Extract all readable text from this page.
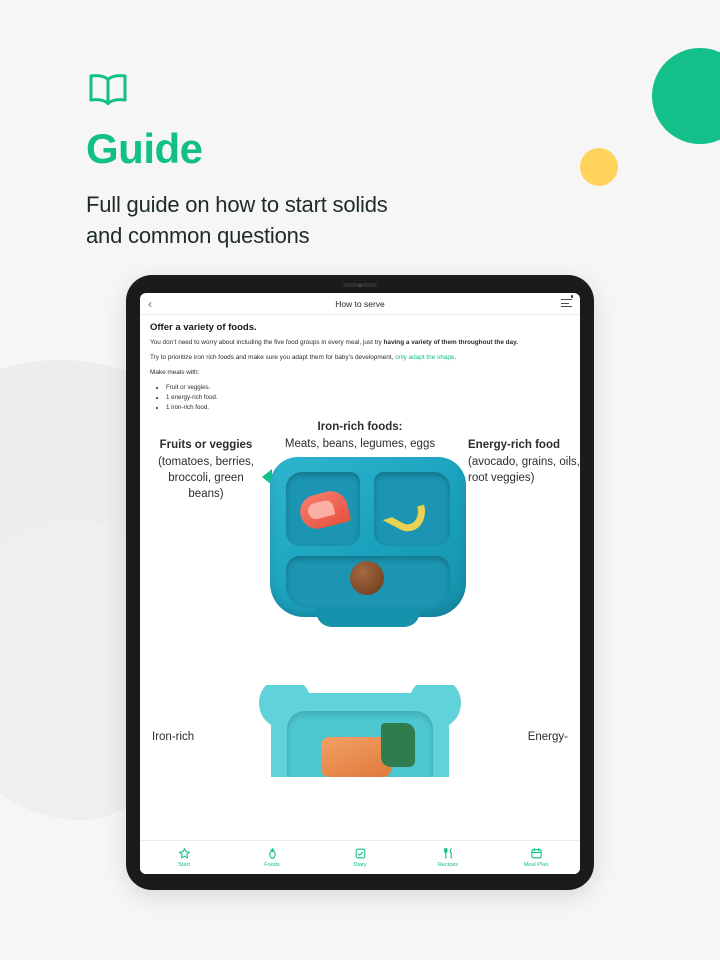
Guide
Full guide on how to start solids
and common questions
‹	How to serve
Offer a variety of foods.
You don’t need to worry about including the five food groups in every meal, just try having a variety of them throughout the day.
Try to prioritize iron rich foods and make sure you adapt them for baby’s development, only adapt the shape.
Make meals with:
• Fruit or veggies.
• 1 energy-rich food.
• 1 iron-rich food.
Fruits or veggies
(tomatoes, berries, broccoli, green beans)
Energy-rich food
(avocado, grains, oils, root veggies)
Iron-rich foods:
Meats, beans, legumes, eggs
Iron-rich	Energy-
Start	Foods	Diary	Recipes	Meal Plan
